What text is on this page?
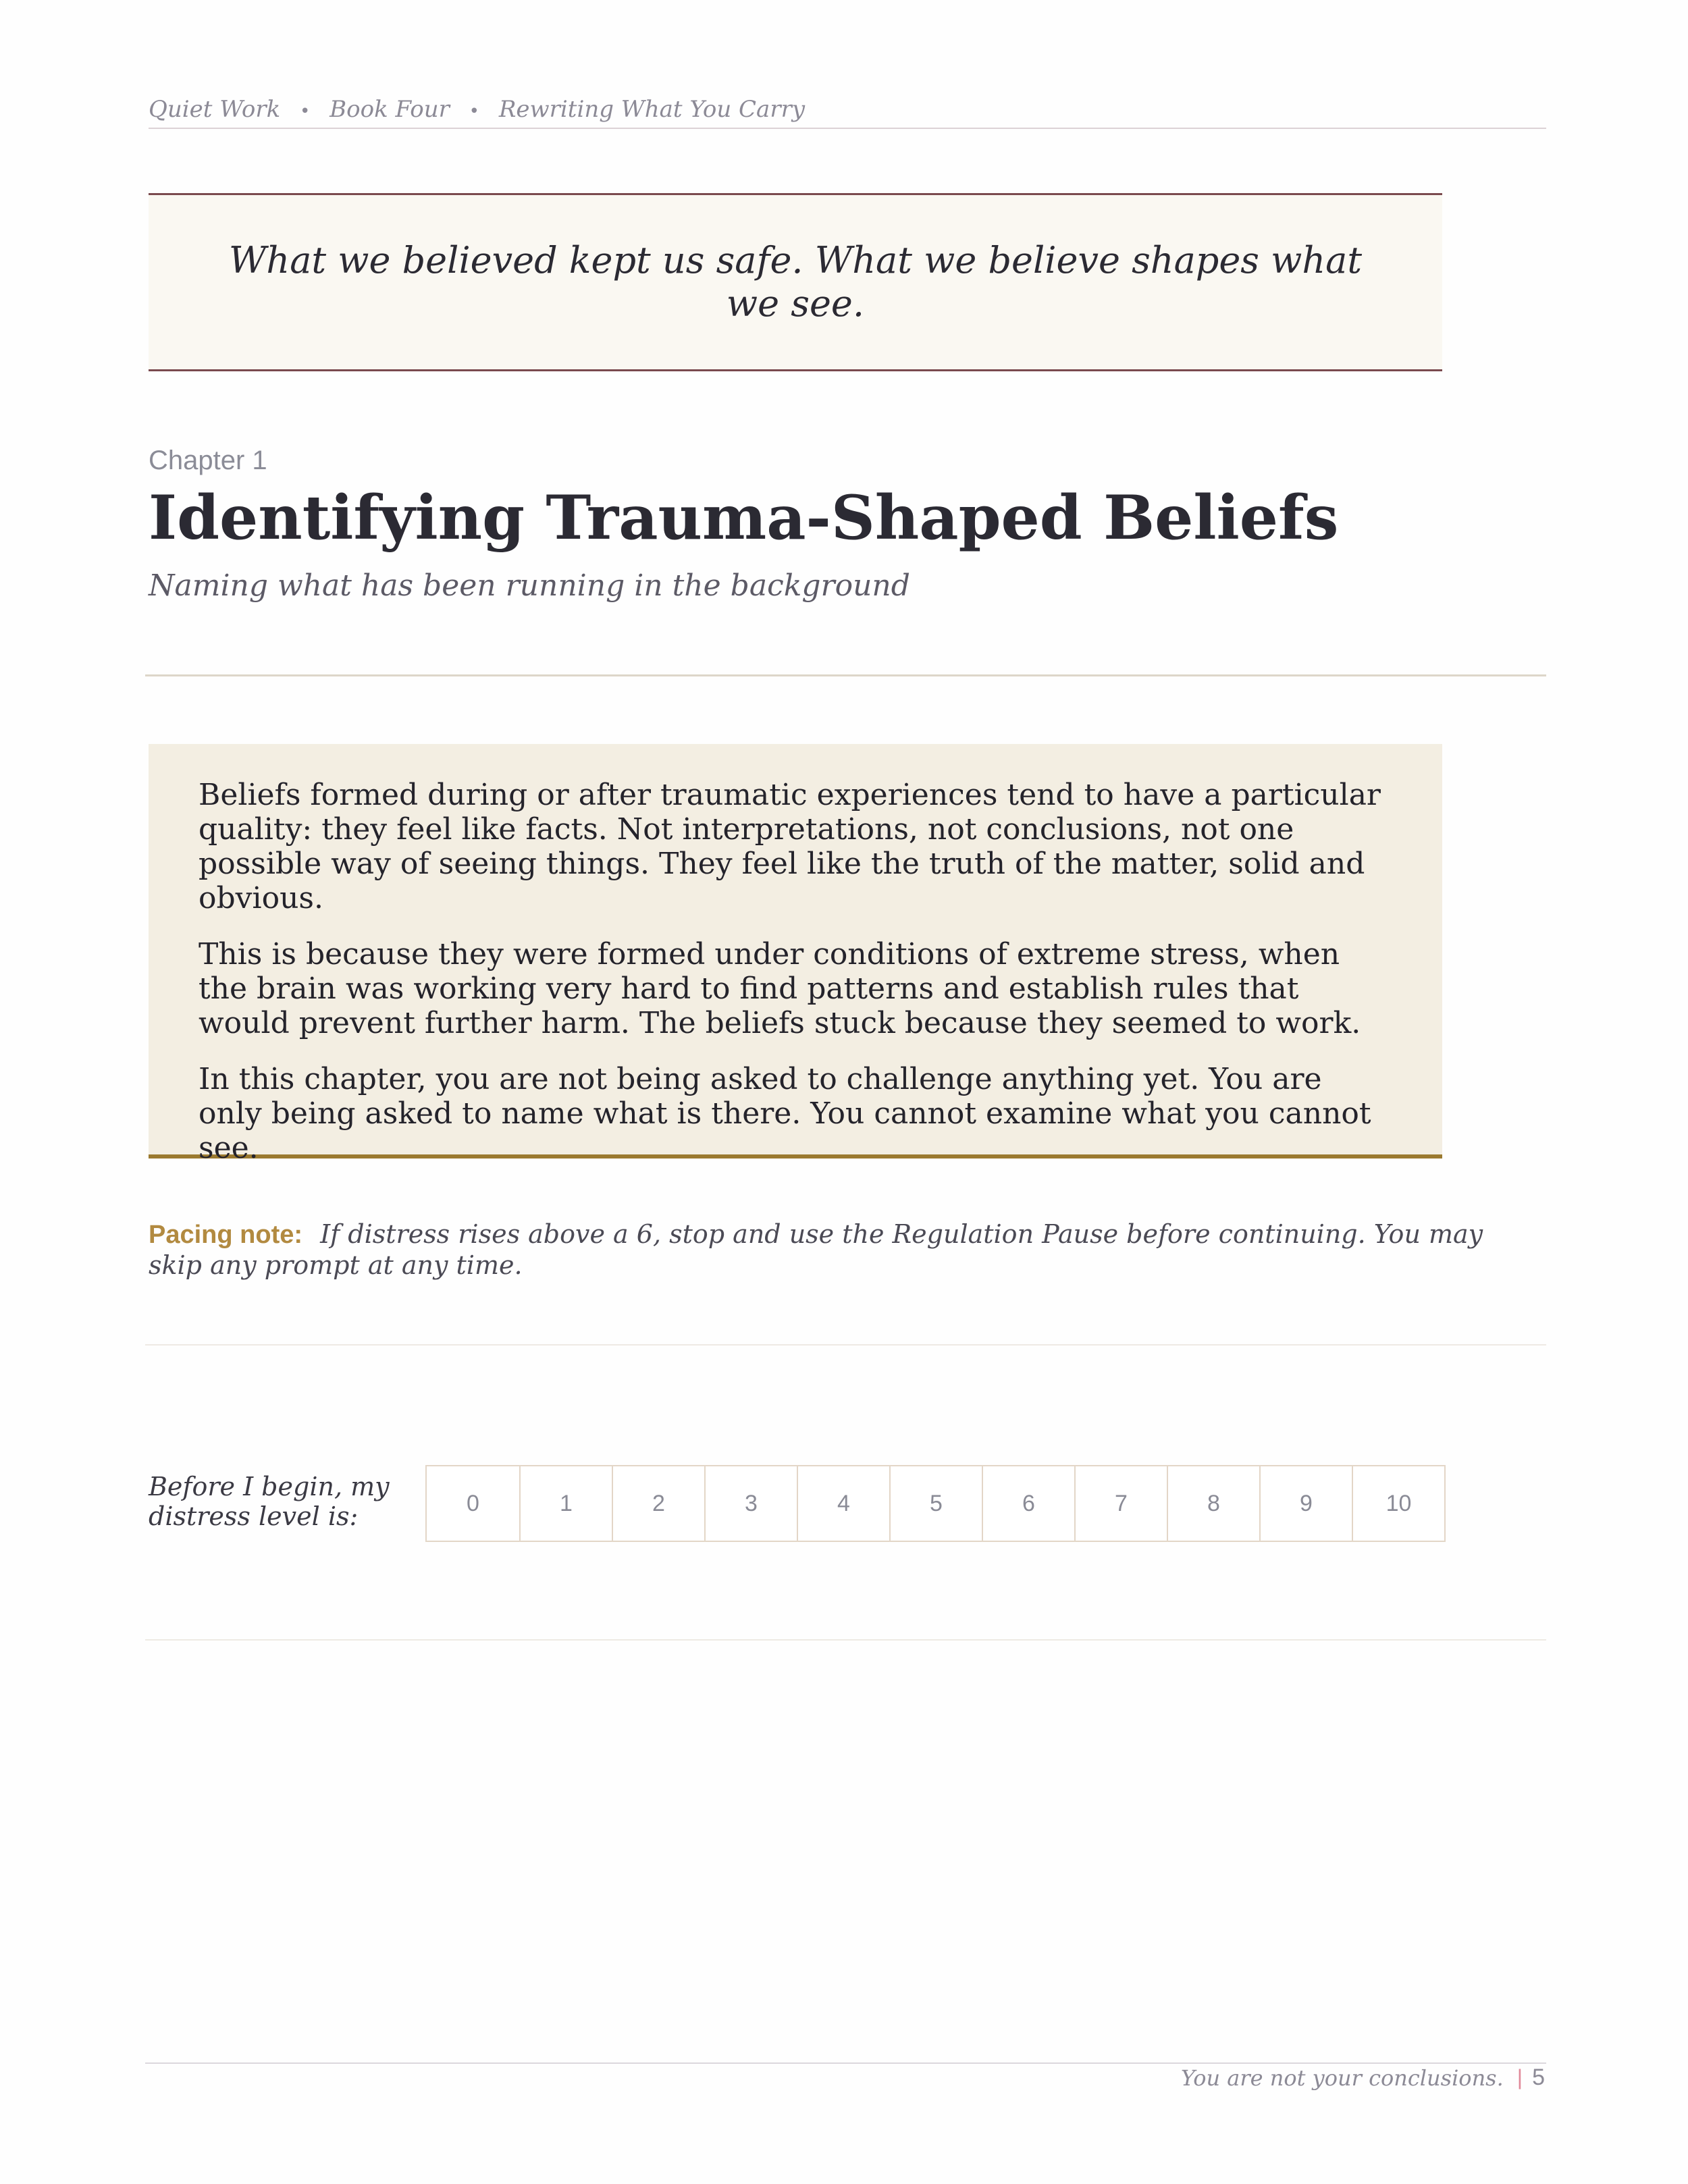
Quiet Work • Book Four • Rewriting What You Carry

What we believed kept us safe. What we believe shapes what we see.

Chapter 1
Identifying Trauma-Shaped Beliefs
Naming what has been running in the background

Beliefs formed during or after traumatic experiences tend to have a particular quality: they feel like facts. Not interpretations, not conclusions, not one possible way of seeing things. They feel like the truth of the matter, solid and obvious.

This is because they were formed under conditions of extreme stress, when the brain was working very hard to find patterns and establish rules that would prevent further harm. The beliefs stuck because they seemed to work.

In this chapter, you are not being asked to challenge anything yet. You are only being asked to name what is there. You cannot examine what you cannot see.

Pacing note: If distress rises above a 6, stop and use the Regulation Pause before continuing. You may skip any prompt at any time.
Before I begin, my distress level is:	0	1	2	3	4	5	6	7	8	9	10
You are not your conclusions. | 5
